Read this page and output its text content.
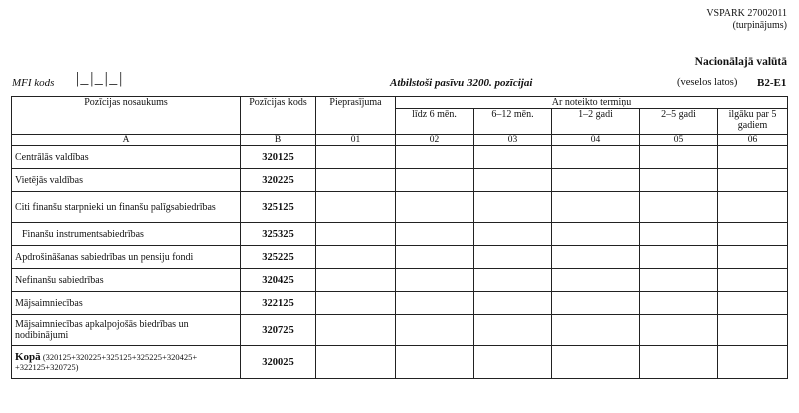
VSPARK 27002011
(turpinājums)
Nacionālajā valūtā
MFI kods |_|_|_|	Atbilstoši pasīvu 3200. pozīcijai	(veselos latos) B2-E1
Pozīcijas nosaukums	Pozīcijas kods	Pieprasījuma	Ar noteikto termiņu				
			līdz 6 mēn.	6–12 mēn.	1–2 gadi	2–5 gadi	ilgāku par 5 gadiem
A	B	01	02	03	04	05	06
Centrālās valdības	320125						
Vietējās valdības	320225						
Citi finanšu starpnieki un finanšu palīgsabiedrības	325125						
Finanšu instrumentsabiedrības	325325						
Apdrošināšanas sabiedrības un pensiju fondi	325225						
Nefinanšu sabiedrības	320425						
Mājsaimniecības	322125						
Mājsaimniecības apkalpojošās biedrības un nodibinājumi	320725						
Kopā (320125+320225+325125+325225+320425+ +322125+320725)	320025						
